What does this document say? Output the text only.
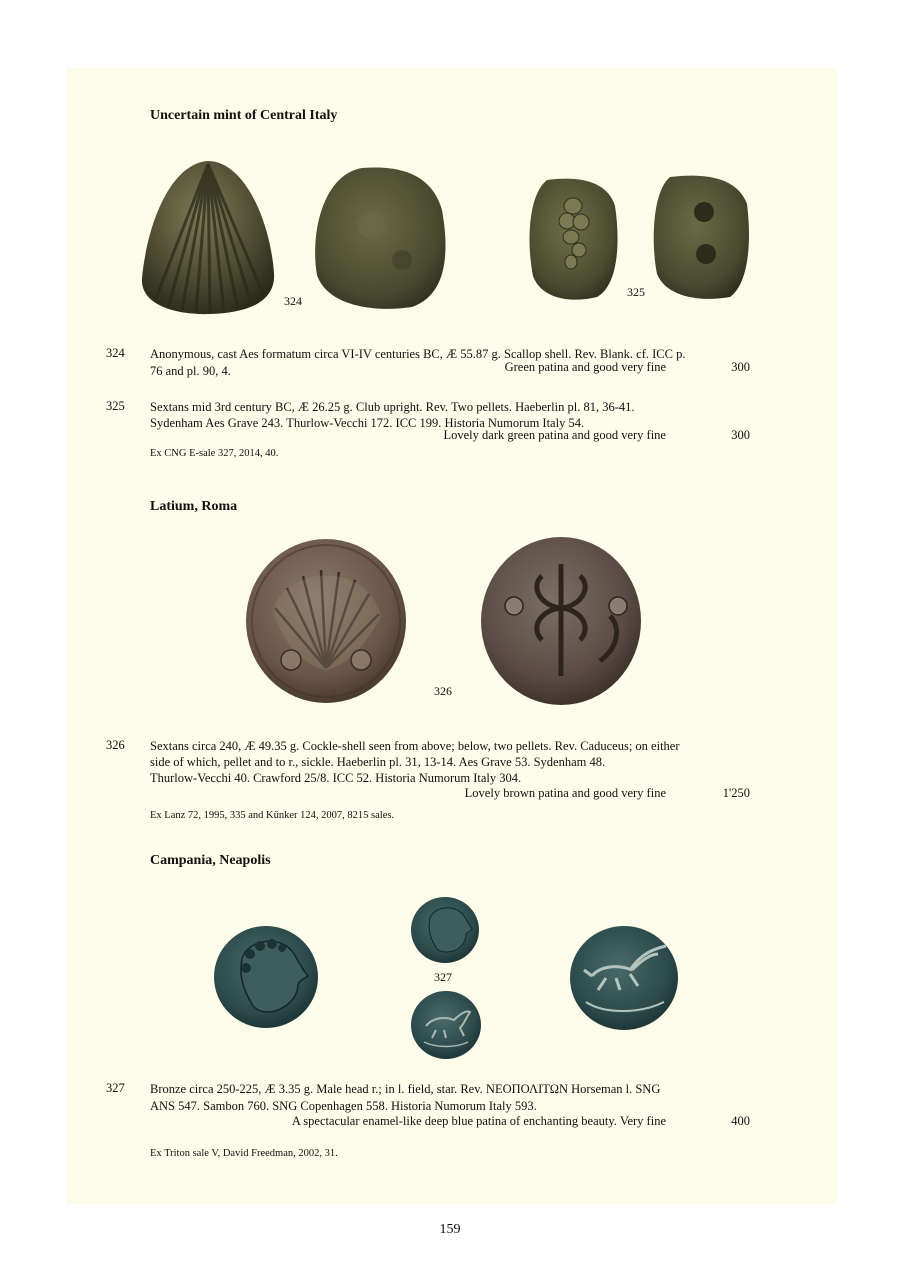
Uncertain mint of Central Italy
324
325
324 Anonymous, cast Aes formatum circa VI-IV centuries BC, Æ 55.87 g. Scallop shell. Rev. Blank. cf. ICC p.
76 and pl. 90, 4.	Green patina and good very fine	300
325 Sextans mid 3rd century BC, Æ 26.25 g. Club upright. Rev. Two pellets. Haeberlin pl. 81, 36-41.
Sydenham Aes Grave 243. Thurlow-Vecchi 172. ICC 199. Historia Numorum Italy 54.
Lovely dark green patina and good very fine	300
Ex CNG E-sale 327, 2014, 40.
Latium, Roma
326
326 Sextans circa 240, Æ 49.35 g. Cockle-shell seen from above; below, two pellets. Rev. Caduceus; on either
side of which, pellet and to r., sickle. Haeberlin pl. 31, 13-14. Aes Grave 53. Sydenham 48.
Thurlow-Vecchi 40. Crawford 25/8. ICC 52. Historia Numorum Italy 304.
Lovely brown patina and good very fine	1'250
Ex Lanz 72, 1995, 335 and Künker 124, 2007, 8215 sales.
Campania, Neapolis
327
327 Bronze circa 250-225, Æ 3.35 g. Male head r.; in l. field, star. Rev. ΝΕΟΠΟΛΙΤΩΝ Horseman l. SNG
ANS 547. Sambon 760. SNG Copenhagen 558. Historia Numorum Italy 593.
A spectacular enamel-like deep blue patina of enchanting beauty. Very fine	400
Ex Triton sale V, David Freedman, 2002, 31.
159
